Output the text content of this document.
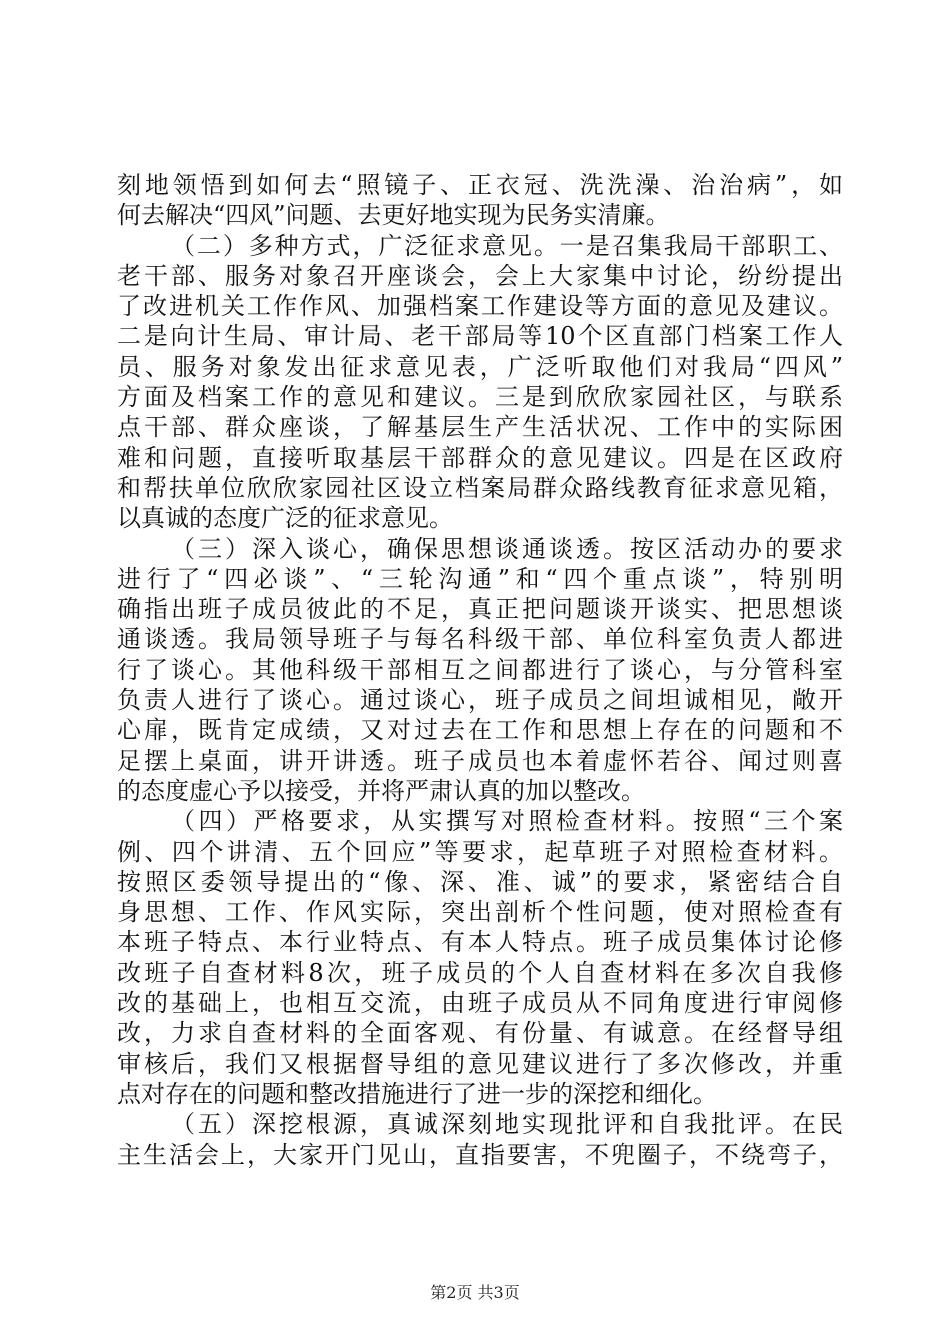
刻地领悟到如何去“照镜子、正衣冠、洗洗澡、治治病”，如
何去解决“四风”问题、去更好地实现为民务实清廉。
（二）多种方式，广泛征求意见。一是召集我局干部职工、
老干部、服务对象召开座谈会，会上大家集中讨论，纷纷提出
了改进机关工作作风、加强档案工作建设等方面的意见及建议。
二是向计生局、审计局、老干部局等10个区直部门档案工作人
员、服务对象发出征求意见表，广泛听取他们对我局“四风”
方面及档案工作的意见和建议。三是到欣欣家园社区，与联系
点干部、群众座谈，了解基层生产生活状况、工作中的实际困
难和问题，直接听取基层干部群众的意见建议。四是在区政府
和帮扶单位欣欣家园社区设立档案局群众路线教育征求意见箱，
以真诚的态度广泛的征求意见。
（三）深入谈心，确保思想谈通谈透。按区活动办的要求
进行了“四必谈”、“三轮沟通”和“四个重点谈”，特别明
确指出班子成员彼此的不足，真正把问题谈开谈实、把思想谈
通谈透。我局领导班子与每名科级干部、单位科室负责人都进
行了谈心。其他科级干部相互之间都进行了谈心，与分管科室
负责人进行了谈心。通过谈心，班子成员之间坦诚相见，敞开
心扉，既肯定成绩，又对过去在工作和思想上存在的问题和不
足摆上桌面，讲开讲透。班子成员也本着虚怀若谷、闻过则喜
的态度虚心予以接受，并将严肃认真的加以整改。
（四）严格要求，从实撰写对照检查材料。按照“三个案
例、四个讲清、五个回应”等要求，起草班子对照检查材料。
按照区委领导提出的“像、深、准、诚”的要求，紧密结合自
身思想、工作、作风实际，突出剖析个性问题，使对照检查有
本班子特点、本行业特点、有本人特点。班子成员集体讨论修
改班子自查材料8次，班子成员的个人自查材料在多次自我修
改的基础上，也相互交流，由班子成员从不同角度进行审阅修
改，力求自查材料的全面客观、有份量、有诚意。在经督导组
审核后，我们又根据督导组的意见建议进行了多次修改，并重
点对存在的问题和整改措施进行了进一步的深挖和细化。
（五）深挖根源，真诚深刻地实现批评和自我批评。在民
主生活会上，大家开门见山，直指要害，不兜圈子，不绕弯子，
第2页 共3页
